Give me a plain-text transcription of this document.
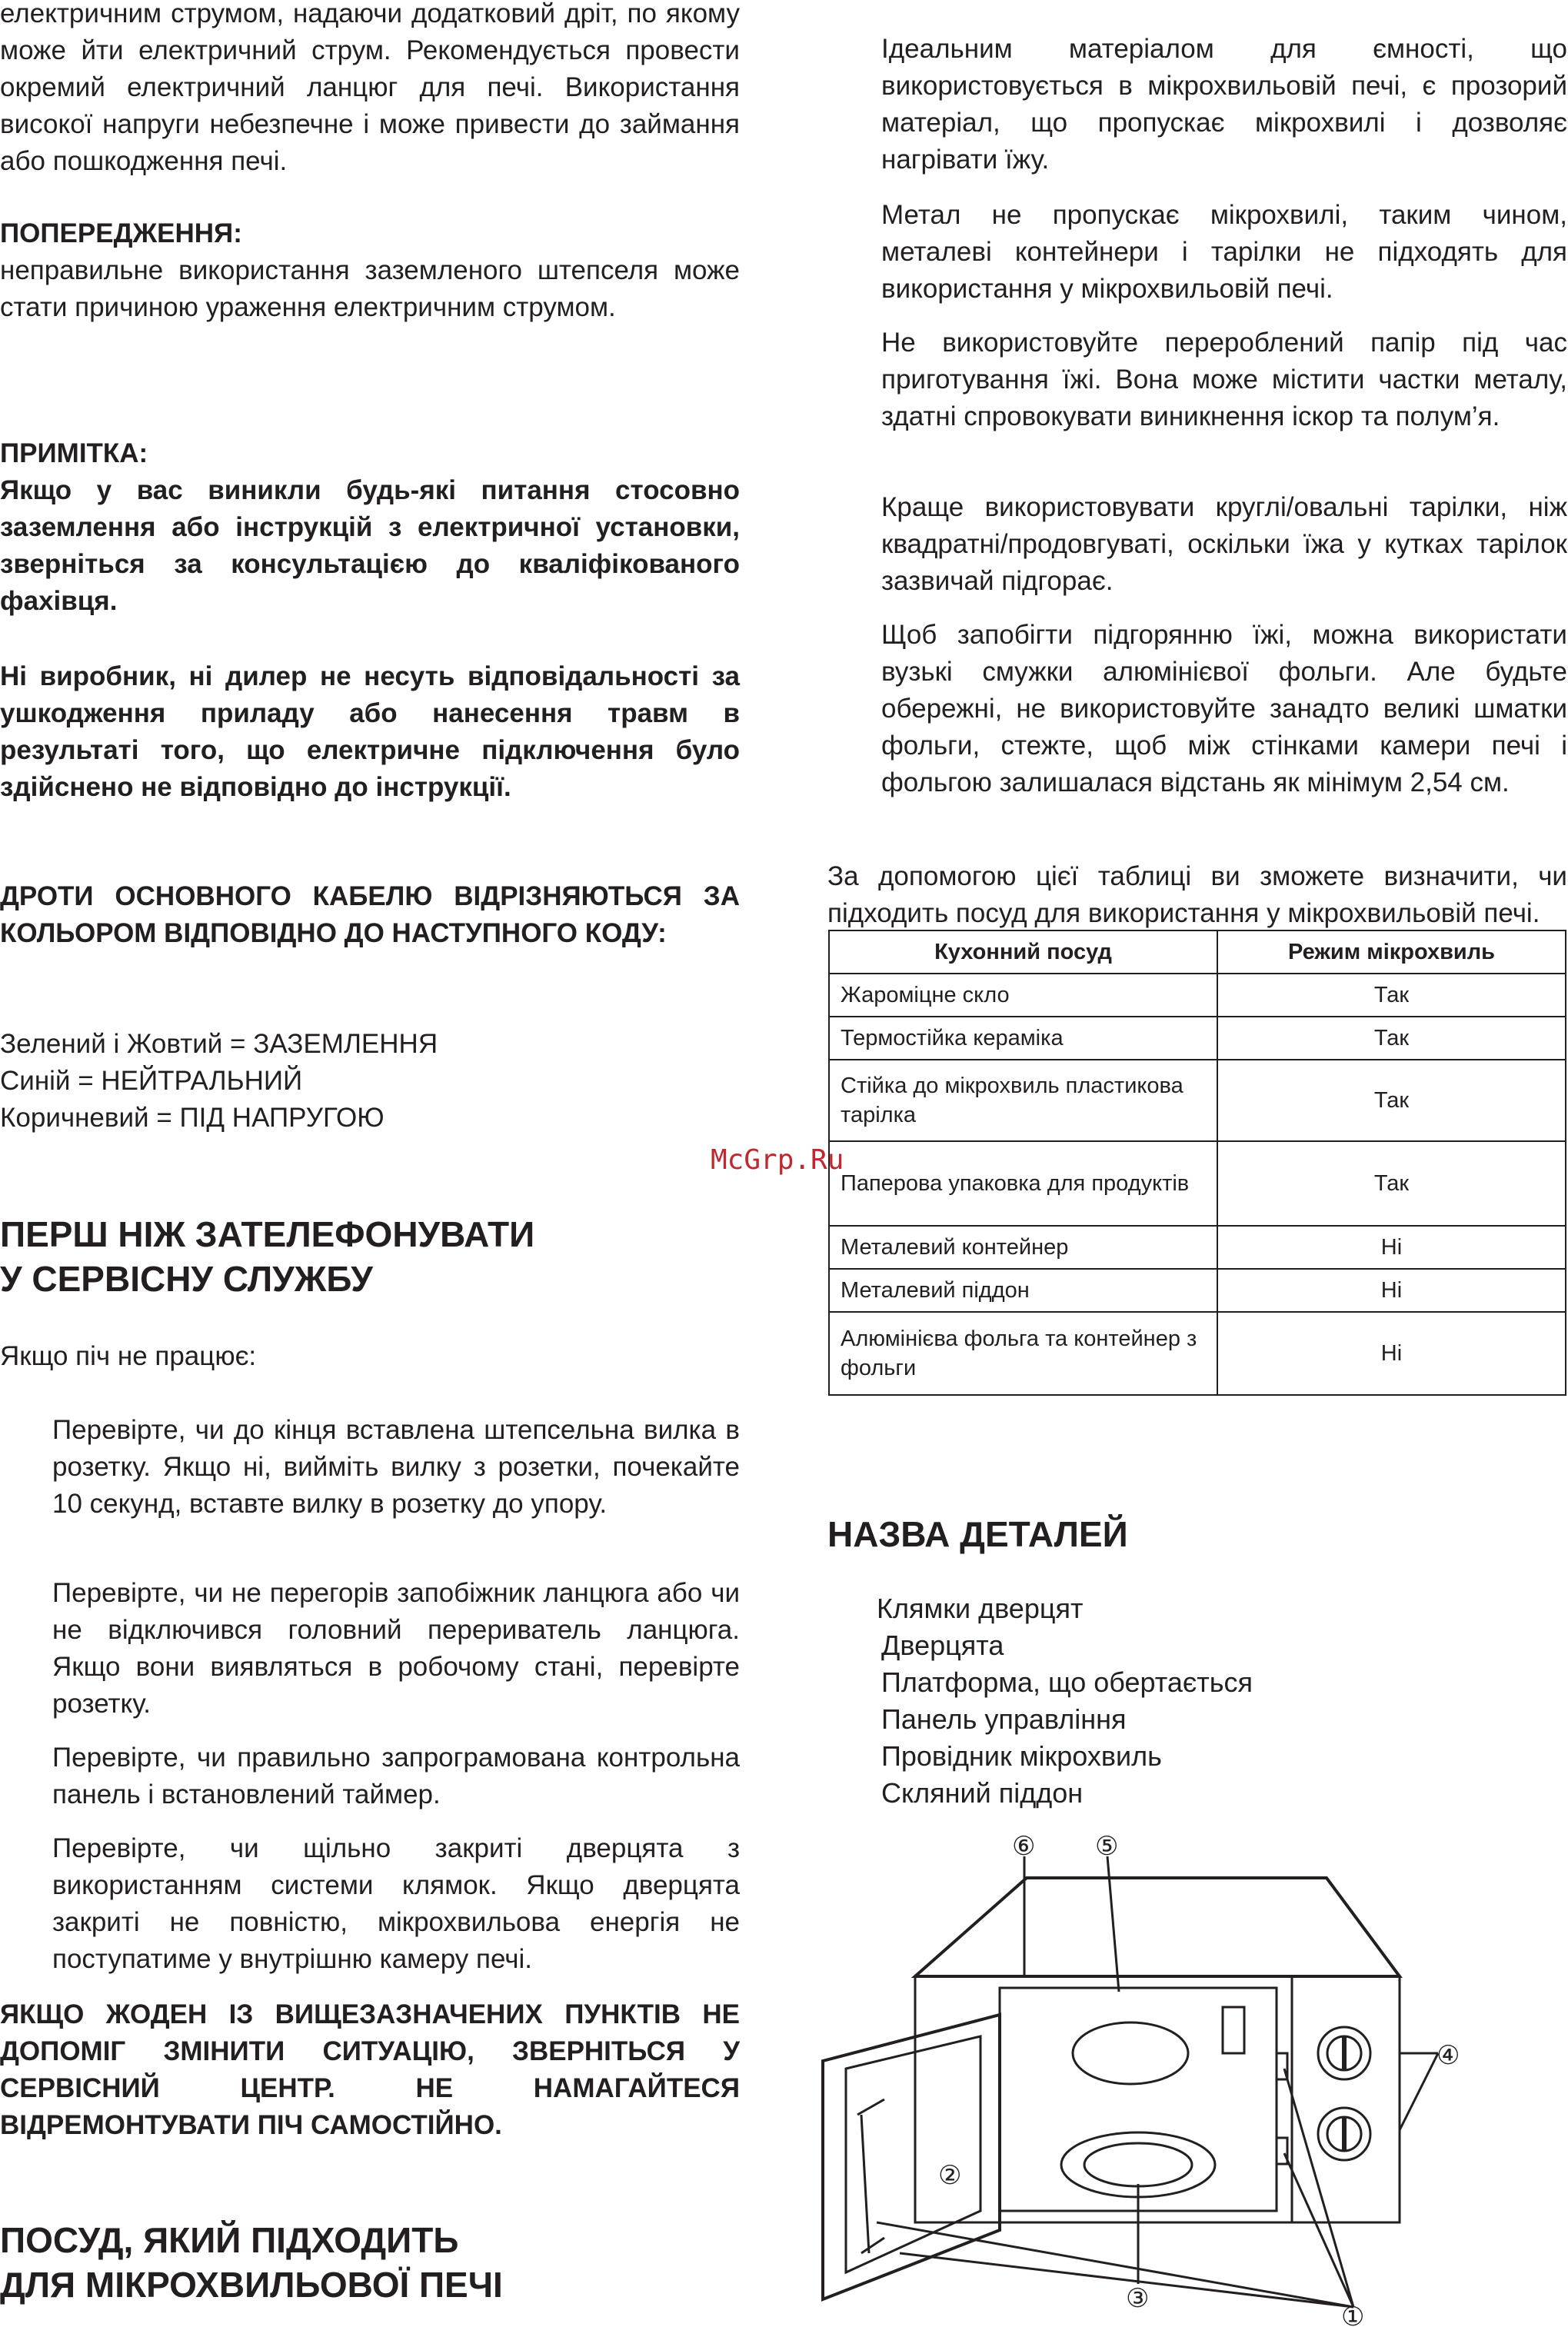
електричним струмом, надаючи додатковий дріт, по якому може йти електричний струм. Рекомендується провести окремий електричний ланцюг для печі. Використання високої напруги небезпечне і може привести до займання або пошкодження печі.

ПОПЕРЕДЖЕННЯ:

неправильне використання заземленого штепселя може стати причиною ураження електричним струмом.

ПРИМІТКА:

Якщо у вас виникли будь-які питання стосовно заземлення або інструкцій з електричної установки, зверніться за консультацією до кваліфікованого фахівця.

Ні виробник, ні дилер не несуть відповідальності за ушкодження приладу або нанесення травм в результаті того, що електричне підключення було здійснено не відповідно до інструкції.

ДРОТИ ОСНОВНОГО КАБЕЛЮ ВІДРІЗНЯЮТЬСЯ ЗА КОЛЬОРОМ ВІДПОВІДНО ДО НАСТУПНОГО КОДУ:

Зелений і Жовтий = ЗАЗЕМЛЕННЯ

Синій = НЕЙТРАЛЬНИЙ

Коричневий = ПІД НАПРУГОЮ

ПЕРШ НІЖ ЗАТЕЛЕФОНУВАТИ
У СЕРВІСНУ СЛУЖБУ

Якщо піч не працює:

Перевірте, чи до кінця вставлена штепсельна вилка в розетку. Якщо ні, вийміть вилку з розетки, почекайте 10 секунд, вставте вилку в розетку до упору.

Перевірте, чи не перегорів запобіжник ланцюга або чи не відключився головний перериватель ланцюга. Якщо вони виявляться в робочому стані, перевірте розетку.

Перевірте, чи правильно запрограмована контрольна панель і встановлений таймер.

Перевірте, чи щільно закриті дверцята з використанням системи клямок. Якщо дверцята закриті не повністю, мікрохвильова енергія не поступатиме у внутрішню камеру печі.

ЯКЩО ЖОДЕН ІЗ ВИЩЕЗАЗНАЧЕНИХ ПУНКТІВ НЕ ДОПОМІГ ЗМІНИТИ СИТУАЦІЮ, ЗВЕРНІТЬСЯ У СЕРВІСНИЙ ЦЕНТР. НЕ НАМАГАЙТЕСЯ ВІДРЕМОНТУВАТИ ПІЧ САМОСТІЙНО.

ПОСУД, ЯКИЙ ПІДХОДИТЬ
ДЛЯ МІКРОХВИЛЬОВОЇ ПЕЧІ

Ідеальним матеріалом для ємності, що використовується в мікрохвильовій печі, є прозорий матеріал, що пропускає мікрохвилі і дозволяє нагрівати їжу.

Метал не пропускає мікрохвилі, таким чином, металеві контейнери і тарілки не підходять для використання у мікрохвильовій печі.

Не використовуйте перероблений папір під час приготування їжі. Вона може містити частки металу, здатні спровокувати виникнення іскор та полум’я.

Краще використовувати круглі/овальні тарілки, ніж квадратні/продовгуваті, оскільки їжа у кутках тарілок зазвичай підгорає.

Щоб запобігти підгорянню їжі, можна використати вузькі смужки алюмінієвої фольги. Але будьте обережні, не використовуйте занадто великі шматки фольги, стежте, щоб між стінками камери печі і фольгою залишалася відстань як мінімум 2,54 см.

За допомогою цієї таблиці ви зможете визначити, чи підходить посуд для використання у мікрохвильовій печі.

НАЗВА ДЕТАЛЕЙ
Кухонний посуд	Режим мікрохвиль
Жароміцне скло	Так
Термостійка кераміка	Так
Стійка до мікрохвиль пластикова тарілка	Так
Паперова упаковка для продуктів	Так
Металевий контейнер	Ні
Металевий піддон	Ні
Алюмінієва фольга та контейнер з фольги	Ні
McGrp.Ru
Клямки дверцят
Дверцята
Платформа, що обертається
Панель управління
Провідник мікрохвиль
Скляний піддон
⑥ ⑤
④
③
②
①
